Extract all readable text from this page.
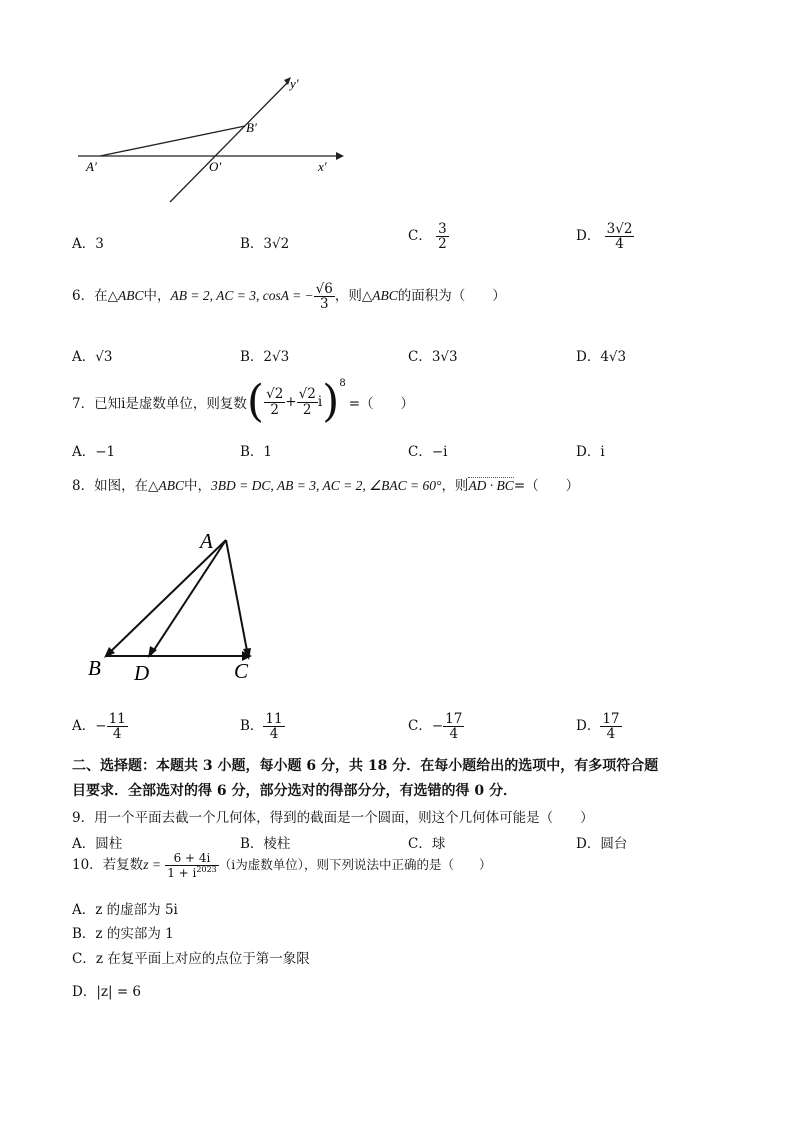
y′
x′
B′
A′	O′
A．3	B．3√2	C． $\frac{3}{2}$	D． $\frac{3√2}{4}$
6．在△ABC中，AB = 2, AC = 3, cosA = − $\frac{√6}{3}$ ，则△ABC的面积为（　　）
A．√3	B．2√3	C．3√3	D．4√3
7．已知i是虚数单位，则复数 ( $\frac{√2}{2} + \frac{√2}{2}$ i ) 8
=（　　）
A．−1	B．1	C．−i	D．i
8．如图，在△ABC中，3BD = DC, AB = 3, AC = 2, ∠BAC = 60°，则AD · BC=（　　）
A
B D	C
A．− $\frac{11}{4}$	B． $\frac{11}{4}$	C．− $\frac{17}{4}$	D． $\frac{17}{4}$
二、选择题：本题共 3 小题，每小题 6 分，共 18 分．在每小题给出的选项中，有多项符合题
目要求．全部选对的得 6 分，部分选对的得部分分，有选错的得 0 分．
9．用一个平面去截一个几何体，得到的截面是一个圆面，则这个几何体可能是（　　）
A．圆柱	B．棱柱	C．球	D．圆台
10．若复数$z = \frac{6 + 4i}{1 + i^{2023}} (i$为虚数单位），则下列说法中正确的是（　　）
A．z 的虚部为 5i
B．z 的实部为 1
C．z 在复平面上对应的点位于第一象限
D．|z| = 6
